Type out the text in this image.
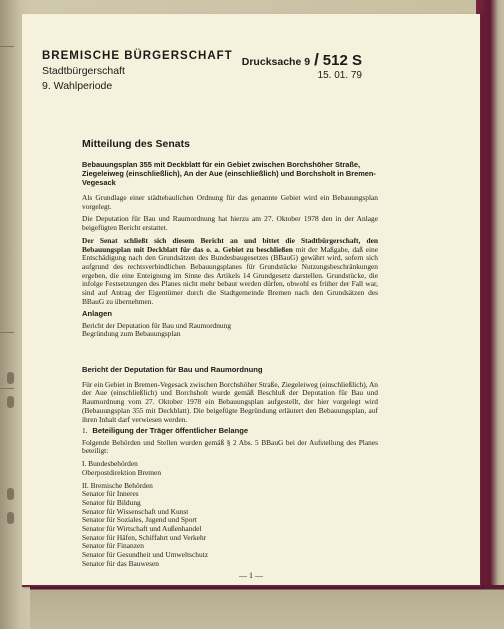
BREMISCHE BÜRGERSCHAFT
Stadtbürgerschaft
9. Wahlperiode
Drucksache 9 / 512 S
15. 01. 79
Mitteilung des Senats
Bebauungsplan 355 mit Deckblatt für ein Gebiet zwischen Borchshöher Straße, Ziegeleiweg (einschließlich), An der Aue (einschließlich) und Borchsholt in Bremen-Vegesack

Als Grundlage einer städtebaulichen Ordnung für das genannte Gebiet wird ein Bebauungsplan vorgelegt.

Die Deputation für Bau und Raumordnung hat hierzu am 27. Oktober 1978 den in der Anlage beigefügten Bericht erstattet.

Der Senat schließt sich diesem Bericht an und bittet die Stadtbürgerschaft, den Bebauungsplan mit Deckblatt für das o. a. Gebiet zu beschließen mit der Maßgabe, daß eine Entschädigung nach den Grundsätzen des Bundesbaugesetzes (BBauG) gewährt wird, sofern sich aufgrund des rechtsverbindlichen Bebauungsplanes für Grundstücke Nutzungsbeschränkungen ergeben, die eine Enteignung im Sinne des Artikels 14 Grundgesetz darstellen. Grundstücke, die infolge Festsetzungen des Planes nicht mehr bebaut werden dürfen, obwohl es früher der Fall war, sind auf Antrag der Eigentümer durch die Stadtgemeinde Bremen nach den Grundsätzen des BBauG zu übernehmen.

Anlagen
Bericht der Deputation für Bau und Raumordnung
Begründung zum Bebauungsplan
Bericht der Deputation für Bau und Raumordnung

Für ein Gebiet in Bremen-Vegesack zwischen Borchshöher Straße, Ziegeleiweg (einschließlich), An der Aue (einschließlich) und Borchsholt wurde gemäß Beschluß der Deputation für Bau und Raumordnung vom 27. Oktober 1978 ein Bebauungsplan aufgestellt, der hier vorgelegt wird (Bebauungsplan 355 mit Deckblatt). Die beigefügte Begründung erläutert den Bebauungsplan, auf ihren Inhalt darf verwiesen werden.

1. Beteiligung der Träger öffentlicher Belange

Folgende Behörden und Stellen wurden gemäß § 2 Abs. 5 BBauG bei der Aufstellung des Planes beteiligt:

I. Bundesbehörden
Oberpostdirektion Bremen
II. Bremische Behörden
Senator für Inneres
Senator für Bildung
Senator für Wissenschaft und Kunst
Senator für Soziales, Jugend und Sport
Senator für Wirtschaft und Außenhandel
Senator für Häfen, Schiffahrt und Verkehr
Senator für Finanzen
Senator für Gesundheit und Umweltschutz
Senator für das Bauwesen
— 1 —
